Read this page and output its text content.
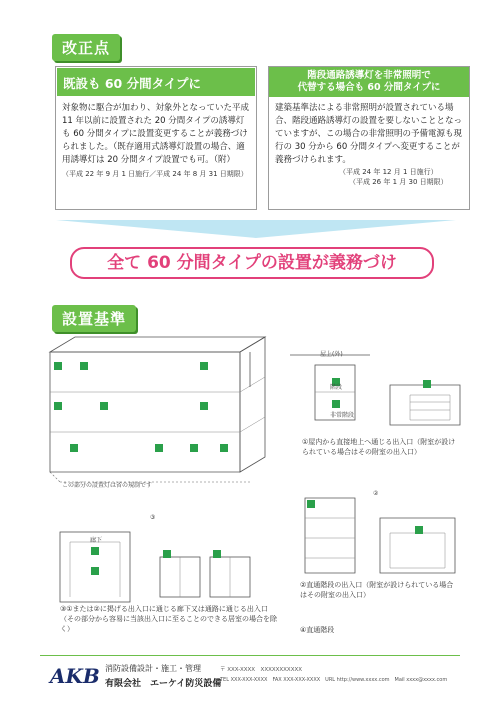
改正点
既設も 60 分間タイプに
対象物に駆合が加わり、対象外となっていた平成 11 年以前に設置された 20 分間タイプの誘導灯も 60 分間タイプに設置変更することが義務づけられました。（既存適用式誘導灯設置の場合、適用誘導灯は 20 分間タイプ設置でも可。（附）
（平成 22 年 9 月 1 日施行／平成 24 年 8 月 31 日期限）
階段通路誘導灯を非常照明で
代替する場合も 60 分間タイプに
建築基準法による非常照明が設置されている場合、階段通路誘導灯の設置を要しないこととなっていますが、この場合の非常照明の予備電源も現行の 30 分から 60 分間タイプへ変更することが義務づけられます。
（平成 24 年 12 月 1 日施行）
（平成 26 年 1 月 30 日期限）
全て 60 分間タイプの設置が義務づけ
設置基準
この部分の設置灯は省の規制です
屋上(外)
階段
非常階段
①屋内から直接地上へ通じる出入口（附室が設けられている場合はその附室の出入口）
②
②直通階段の出入口（附室が設けられている場合はその附室の出入口）
④直通階段
廊下
③
③①または②に掲げる出入口に通じる廊下又は通路に通じる出入口（その部分から容易に当該出入口に至ることのできる居室の場合を除く）
AKB 消防設備設計・施工・管理
有限会社　エーケイ防災設備
〒 XXX-XXXX　XXXXXXXXXXX
TEL XXX-XXX-XXXX　FAX XXX-XXX-XXXX　URL http://www.xxxx.com　Mail xxxx@xxxx.com
